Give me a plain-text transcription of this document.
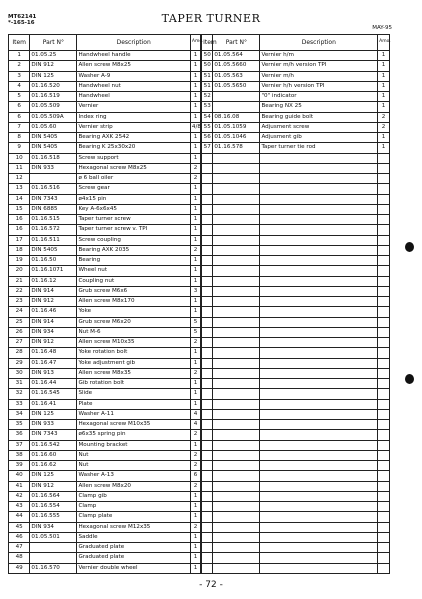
MT62141
*-165-16	TAPER TURNER
MAY-95
Item	Part N°	Description	Amo.	Item	Part N°	Description	Amo.
1	01.05.25	Handwheel handle	1	50	01.05.564	Vernier h/m	1
2	DIN 912	Allen screw M8x25	1	50	01.05.5660	Vernier m/h version TPI	1
3	DIN 125	Washer A-9	1	51	01.05.563	Vernier m/h	1
4	01.16.520	Handwheel nut	1	51	01.05.5650	Vernier h/h version TPI	1
5	01.16.519	Handwheel	1	52		"0" indicator	1
6	01.05.509	Vernier	1	53		Bearing NX 25	1
6	01.05.509A	Index ring	1	54	08.16.08	Bearing guide bolt	2
7	01.05.60	Vernier strip	4/8	55	01.05.1059	Adjusment screw	2
8	DIN 5405	Bearing AXK 2542	1	56	01.05.1046	Adjusment gib	1
9	DIN 5405	Bearing K 25x30x20	1	57	01.16.578	Taper turner tie rod	1
10	01.16.518	Screw support	1				
11	DIN 933	Hexagonal screw M8x25	2				
12		ø 6 ball oiler	2				
13	01.16.516	Screw gear	1				
14	DIN 7343	ø4x15 pin	1				
15	DIN 6885	Key A-6x6x45	1				
16	01.16.515	Taper turner screw	1				
16	01.16.572	Taper turner screw v. TPI	1				
17	01.16.511	Screw coupling	1				
18	DIN 5405	Bearing AXK 2035	2				
19	01.16.50	Bearing	1				
20	01.16.1071	Wheel nut	1				
21	01.16.12	Coupling nut	1				
22	DIN 914	Grub screw M6x6	3				
23	DIN 912	Allen screw M8x170	1				
24	01.16.46	Yoke	1				
25	DIN 914	Grub screw M6x20	5				
26	DIN 934	Nut M-6	5				
27	DIN 912	Allen screw M10x35	2				
28	01.16.48	Yoke rotation bolt	1				
29	01.16.47	Yoke adjustment gib	1				
30	DIN 913	Allen screw M8x35	2				
31	01.16.44	Gib rotation bolt	1				
32	01.16.545	Slide	1				
33	01.16.41	Plate	1				
34	DIN 125	Washer A-11	4				
35	DIN 933	Hexagonal screw M10x35	4				
36	DIN 7343	ø6x35 spring pin	2				
37	01.16.542	Mounting bracket	1				
38	01.16.60	Nut	2				
39	01.16.62	Nut	2				
40	DIN 125	Washer A-13	6				
41	DIN 912	Allen screw M8x20	2				
42	01.16.564	Clamp gib	1				
43	01.16.554	Clamp	1				
44	01.16.555	Clamp plate	1				
45	DIN 934	Hexagonal screw M12x35	2				
46	01.05.501	Saddle	1				
47		Graduated plate	1				
48		Graduated plate	1				
49	01.16.570	Vernier double wheel	1				
- 72 -
